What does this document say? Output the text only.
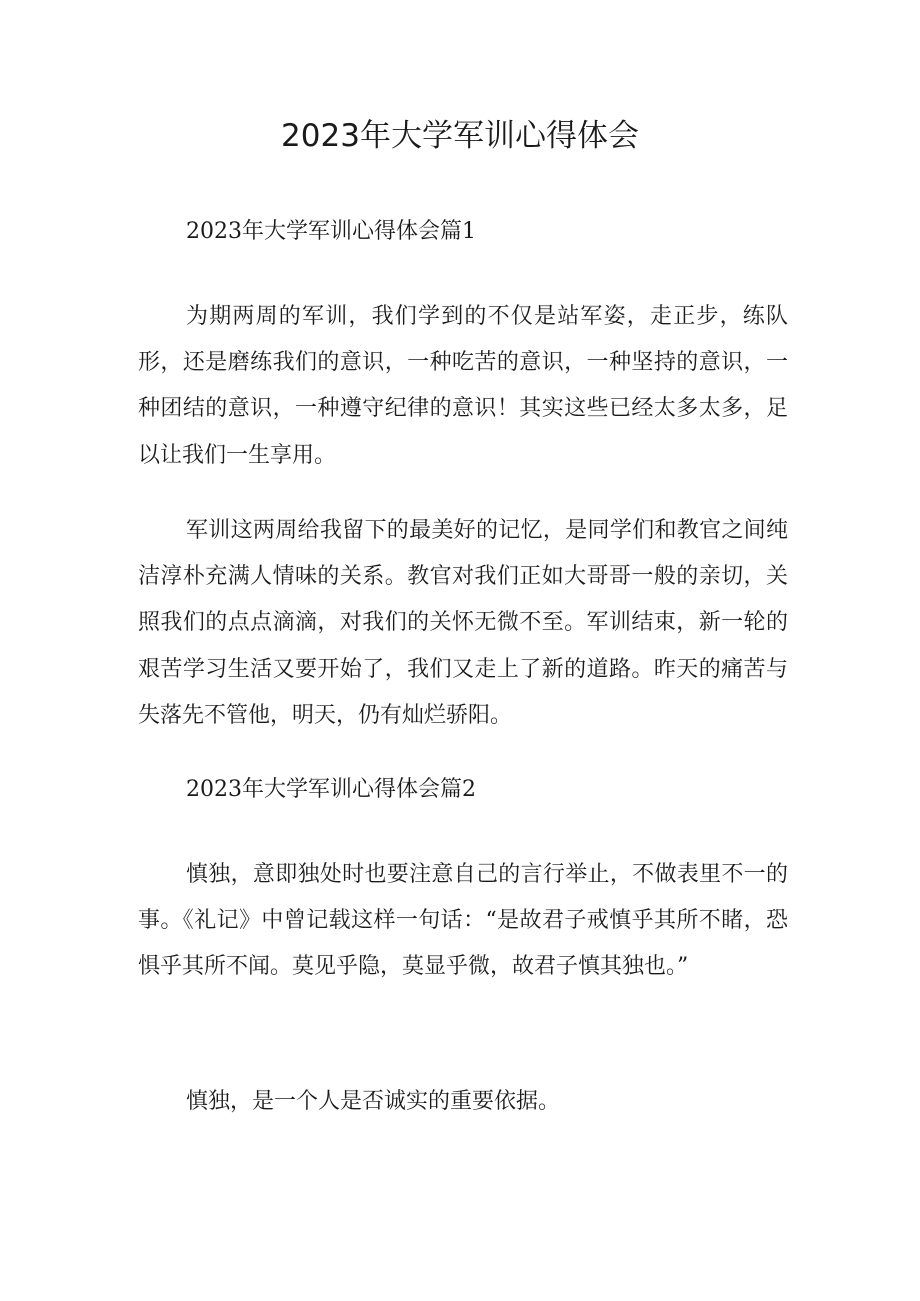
2023年大学军训心得体会

2023年大学军训心得体会篇1

为期两周的军训，我们学到的不仅是站军姿，走正步，练队形，还是磨练我们的意识，一种吃苦的意识，一种坚持的意识，一种团结的意识，一种遵守纪律的意识！其实这些已经太多太多，足以让我们一生享用。

军训这两周给我留下的最美好的记忆，是同学们和教官之间纯洁淳朴充满人情味的关系。教官对我们正如大哥哥一般的亲切，关照我们的点点滴滴，对我们的关怀无微不至。军训结束，新一轮的艰苦学习生活又要开始了，我们又走上了新的道路。昨天的痛苦与失落先不管他，明天，仍有灿烂骄阳。

2023年大学军训心得体会篇2

慎独，意即独处时也要注意自己的言行举止，不做表里不一的事。《礼记》中曾记载这样一句话：“是故君子戒慎乎其所不睹，恐惧乎其所不闻。莫见乎隐，莫显乎微，故君子慎其独也。”

慎独，是一个人是否诚实的重要依据。
